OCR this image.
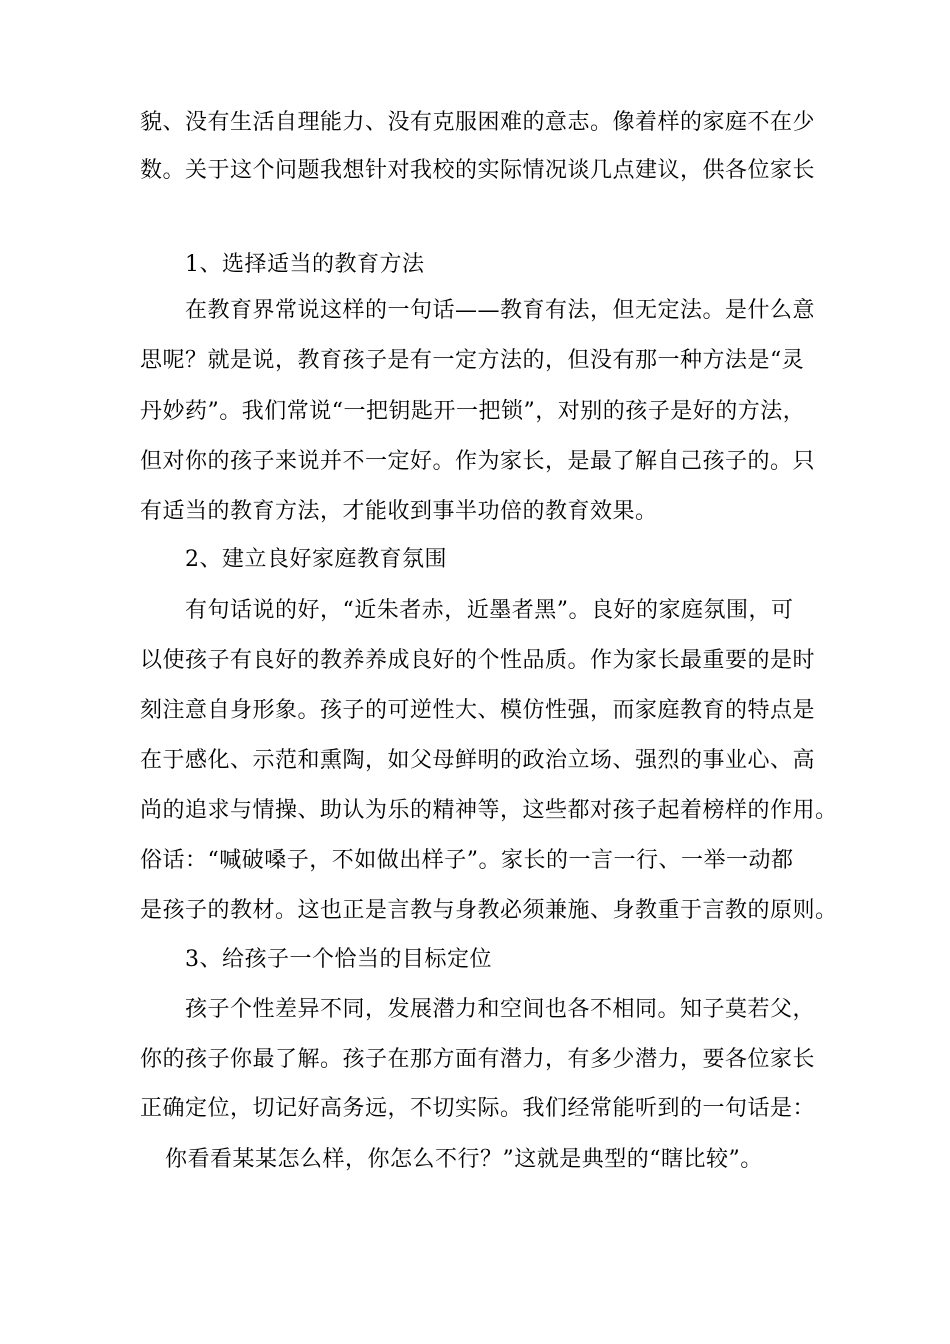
貌、没有生活自理能力、没有克服困难的意志。像着样的家庭不在少
数。关于这个问题我想针对我校的实际情况谈几点建议，供各位家长
1、选择适当的教育方法
在教育界常说这样的一句话——教育有法，但无定法。是什么意
思呢？就是说，教育孩子是有一定方法的，但没有那一种方法是“灵
丹妙药”。我们常说“一把钥匙开一把锁”，对别的孩子是好的方法，
但对你的孩子来说并不一定好。作为家长，是最了解自己孩子的。只
有适当的教育方法，才能收到事半功倍的教育效果。
2、建立良好家庭教育氛围
有句话说的好，“近朱者赤，近墨者黑”。良好的家庭氛围，可
以使孩子有良好的教养养成良好的个性品质。作为家长最重要的是时
刻注意自身形象。孩子的可逆性大、模仿性强，而家庭教育的特点是
在于感化、示范和熏陶，如父母鲜明的政治立场、强烈的事业心、高
尚的追求与情操、助认为乐的精神等，这些都对孩子起着榜样的作用。
俗话：“喊破嗓子，不如做出样子”。家长的一言一行、一举一动都
是孩子的教材。这也正是言教与身教必须兼施、身教重于言教的原则。
3、给孩子一个恰当的目标定位
孩子个性差异不同，发展潜力和空间也各不相同。知子莫若父，
你的孩子你最了解。孩子在那方面有潜力，有多少潜力，要各位家长
正确定位，切记好高务远，不切实际。我们经常能听到的一句话是：
你看看某某怎么样，你怎么不行？”这就是典型的“瞎比较”。
